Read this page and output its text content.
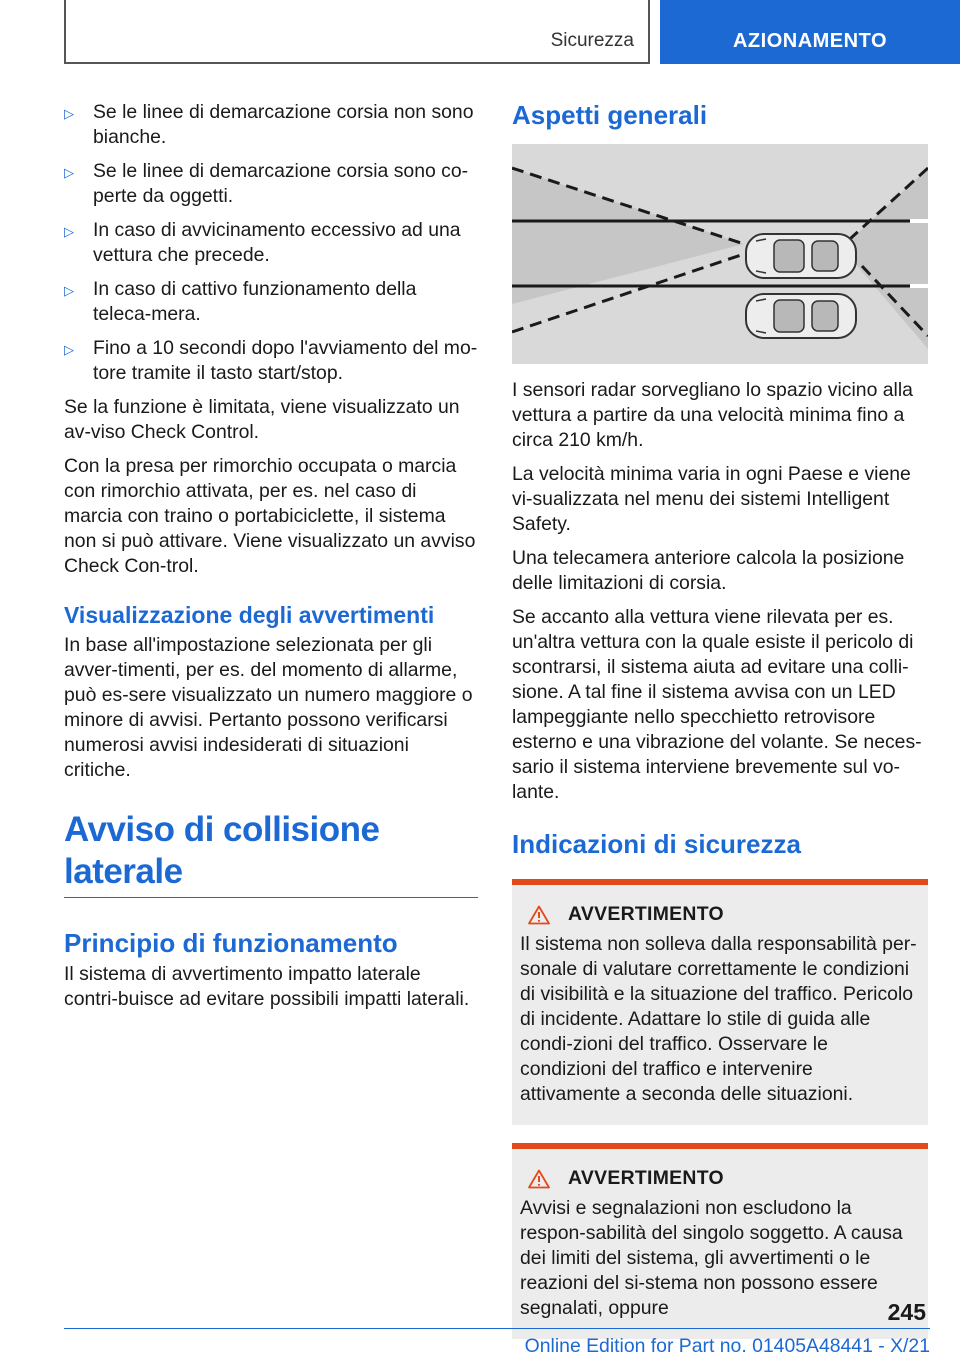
Sicurezza	AZIONAMENTO
▷ Se le linee di demarcazione corsia non sono bianche.
▷ Se le linee di demarcazione corsia sono co-perte da oggetti.
▷ In caso di avvicinamento eccessivo ad una vettura che precede.
▷ In caso di cattivo funzionamento della teleca-mera.
▷ Fino a 10 secondi dopo l'avviamento del mo-tore tramite il tasto start/stop.

Se la funzione è limitata, viene visualizzato un av-viso Check Control.

Con la presa per rimorchio occupata o marcia con rimorchio attivata, per es. nel caso di marcia con traino o portabiciclette, il sistema non si può attivare. Viene visualizzato un avviso Check Con-trol.

Visualizzazione degli avvertimenti

In base all'impostazione selezionata per gli avver-timenti, per es. del momento di allarme, può es-sere visualizzato un numero maggiore o minore di avvisi. Pertanto possono verificarsi numerosi avvisi indesiderati di situazioni critiche.

Avviso di collisione laterale
Principio di funzionamento

Il sistema di avvertimento impatto laterale contri-buisce ad evitare possibili impatti laterali.

Aspetti generali

I sensori radar sorvegliano lo spazio vicino alla vettura a partire da una velocità minima fino a circa 210 km/h.

La velocità minima varia in ogni Paese e viene vi-sualizzata nel menu dei sistemi Intelligent Safety.

Una telecamera anteriore calcola la posizione delle limitazioni di corsia.

Se accanto alla vettura viene rilevata per es. un'altra vettura con la quale esiste il pericolo di scontrarsi, il sistema aiuta ad evitare una colli-sione. A tal fine il sistema avvisa con un LED lampeggiante nello specchietto retrovisore esterno e una vibrazione del volante. Se neces-sario il sistema interviene brevemente sul vo-lante.

Indicazioni di sicurezza
AVVERTIMENTO

Il sistema non solleva dalla responsabilità per-sonale di valutare correttamente le condizioni di visibilità e la situazione del traffico. Pericolo di incidente. Adattare lo stile di guida alle condi-zioni del traffico. Osservare le condizioni del traffico e intervenire attivamente a seconda delle situazioni.

AVVERTIMENTO

Avvisi e segnalazioni non escludono la respon-sabilità del singolo soggetto. A causa dei limiti del sistema, gli avvertimenti o le reazioni del si-stema non possono essere segnalati, oppure	245
Online Edition for Part no. 01405A48441 - X/21
